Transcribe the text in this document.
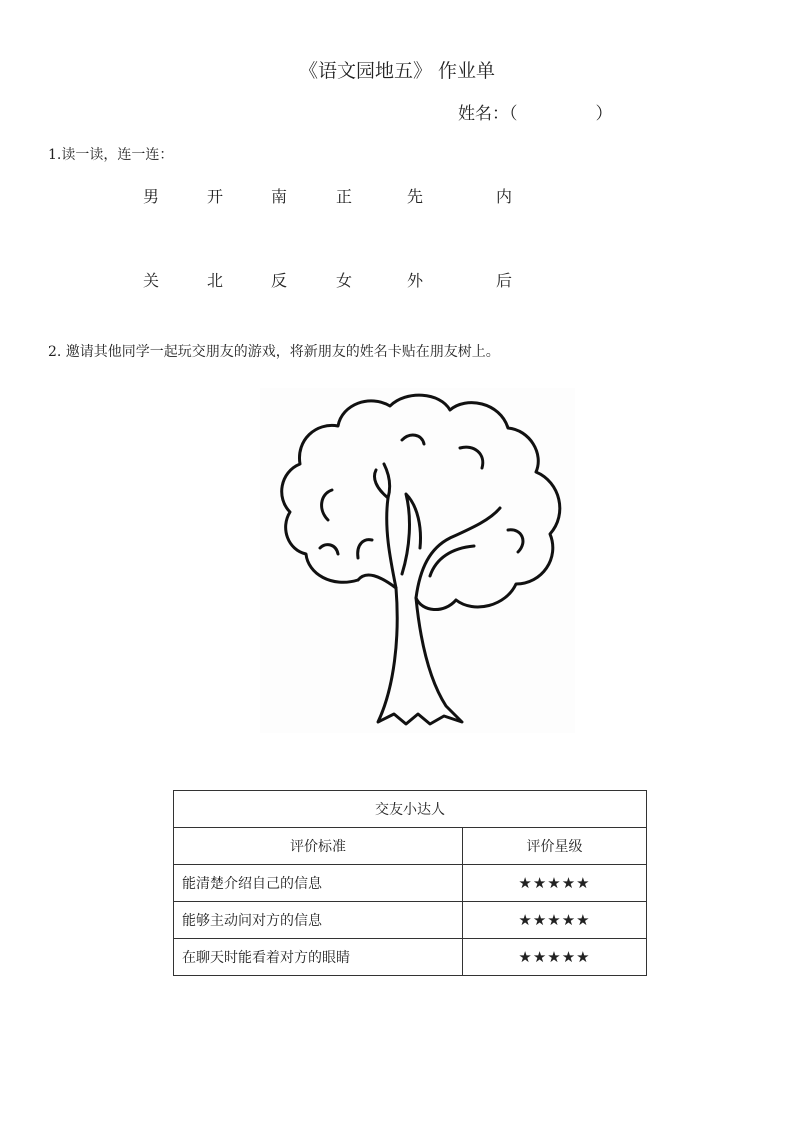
《语文园地五》 作业单
姓名：（	）
1.读一读，连一连：
男	开	南	正	先	内
关	北	反	女	外	后
2. 邀请其他同学一起玩交朋友的游戏，将新朋友的姓名卡贴在朋友树上。
交友小达人	
评价标准	评价星级
能清楚介绍自己的信息	★★★★★
能够主动问对方的信息	★★★★★
在聊天时能看着对方的眼睛	★★★★★
